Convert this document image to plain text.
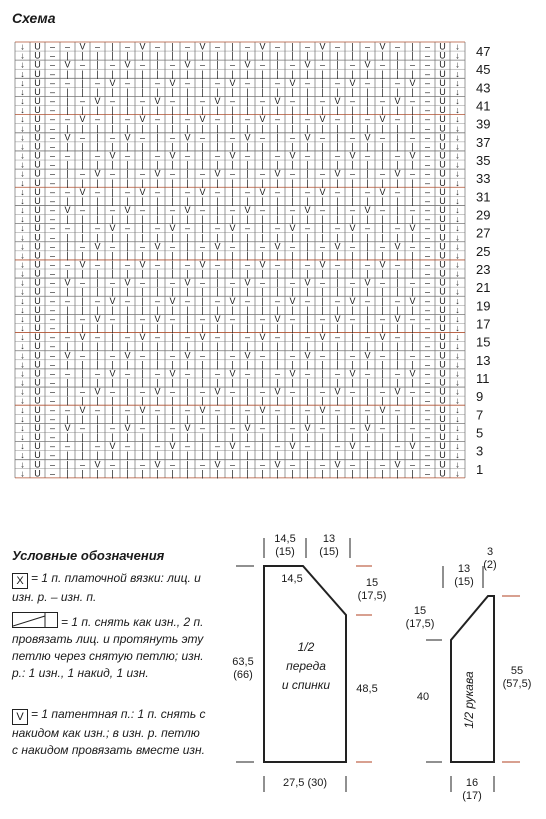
Схема
↓ U – – V – | – V – | – V – | – V – | – V – | – V – | – U ↓
↓ U – | | | | | | | | | | | | | | | | | | | | | | | | – U ↓
↓ U – V – | – V – | – V – | – V – | – V – | – V – | – – U ↓
↓ U – | | | | | | | | | | | | | | | | | | | | | | | | – U ↓
↓ U – – | – V – | – V – | – V – | – V – | – V – | – V – U ↓
↓ U – | | | | | | | | | | | | | | | | | | | | | | | | – U ↓
↓ U – | – V – | – V – | – V – | – V – | – V – | – V – – U ↓
↓ U – | | | | | | | | | | | | | | | | | | | | | | | | – U ↓
↓ U – – V – | – V – | – V – | – V – | – V – | – V – | – U ↓
↓ U – | | | | | | | | | | | | | | | | | | | | | | | | – U ↓
↓ U – V – | – V – | – V – | – V – | – V – | – V – | – – U ↓
↓ U – | | | | | | | | | | | | | | | | | | | | | | | | – U ↓
↓ U – – | – V – | – V – | – V – | – V – | – V – | – V – U ↓
↓ U – | | | | | | | | | | | | | | | | | | | | | | | | – U ↓
↓ U – | – V – | – V – | – V – | – V – | – V – | – V – – U ↓
↓ U – | | | | | | | | | | | | | | | | | | | | | | | | – U ↓
↓ U – – V – | – V – | – V – | – V – | – V – | – V – | – U ↓
↓ U – | | | | | | | | | | | | | | | | | | | | | | | | – U ↓
↓ U – V – | – V – | – V – | – V – | – V – | – V – | – – U ↓
↓ U – | | | | | | | | | | | | | | | | | | | | | | | | – U ↓
↓ U – – | – V – | – V – | – V – | – V – | – V – | – V – U ↓
↓ U – | | | | | | | | | | | | | | | | | | | | | | | | – U ↓
↓ U – | – V – | – V – | – V – | – V – | – V – | – V – – U ↓
↓ U – | | | | | | | | | | | | | | | | | | | | | | | | – U ↓
↓ U – – V – | – V – | – V – | – V – | – V – | – V – | – U ↓
↓ U – | | | | | | | | | | | | | | | | | | | | | | | | – U ↓
↓ U – V – | – V – | – V – | – V – | – V – | – V – | – – U ↓
↓ U – | | | | | | | | | | | | | | | | | | | | | | | | – U ↓
↓ U – – | – V – | – V – | – V – | – V – | – V – | – V – U ↓
↓ U – | | | | | | | | | | | | | | | | | | | | | | | | – U ↓
↓ U – | – V – | – V – | – V – | – V – | – V – | – V – – U ↓
↓ U – | | | | | | | | | | | | | | | | | | | | | | | | – U ↓
↓ U – – V – | – V – | – V – | – V – | – V – | – V – | – U ↓
↓ U – | | | | | | | | | | | | | | | | | | | | | | | | – U ↓
↓ U – V – | – V – | – V – | – V – | – V – | – V – | – – U ↓
↓ U – | | | | | | | | | | | | | | | | | | | | | | | | – U ↓
↓ U – – | – V – | – V – | – V – | – V – | – V – | – V – U ↓
↓ U – | | | | | | | | | | | | | | | | | | | | | | | | – U ↓
↓ U – | – V – | – V – | – V – | – V – | – V – | – V – – U ↓
↓ U – | | | | | | | | | | | | | | | | | | | | | | | | – U ↓
↓ U – – V – | – V – | – V – | – V – | – V – | – V – | – U ↓
↓ U – | | | | | | | | | | | | | | | | | | | | | | | | – U ↓
↓ U – V – | – V – | – V – | – V – | – V – | – V – | – – U ↓
↓ U – | | | | | | | | | | | | | | | | | | | | | | | | – U ↓
↓ U – – | – V – | – V – | – V – | – V – | – V – | – V – U ↓
↓ U – | | | | | | | | | | | | | | | | | | | | | | | | – U ↓
↓ U – | – V – | – V – | – V – | – V – | – V – | – V – – U ↓
↓ U – | | | | | | | | | | | | | | | | | | | | | | | | – U ↓
47
45
43
41
39
37
35
33
31
29
27
25
23
21
19
17
15
13
11
9
7
5
3
1
Условные обозначения
X = 1 п. платочной вязки: лиц. и изн. р. – изн. п.
= 1 п. снять как изн., 2 п. провязать лиц. и протянуть эту петлю через снятую петлю; изн. р.: 1 изн., 1 накид, 1 изн.
V = 1 патентная п.: 1 п. снять с накидом как изн.; в изн. р. петлю с накидом провязать вместе изн.
1/2
переда
и спинки
14,5
14,5
(15)
13
(15)
15
(17,5)
63,5
(66)
48,5
27,5 (30)
1/2 рукава
3
(2)
13
(15)
15
(17,5)
40
55
(57,5)
16
(17)
